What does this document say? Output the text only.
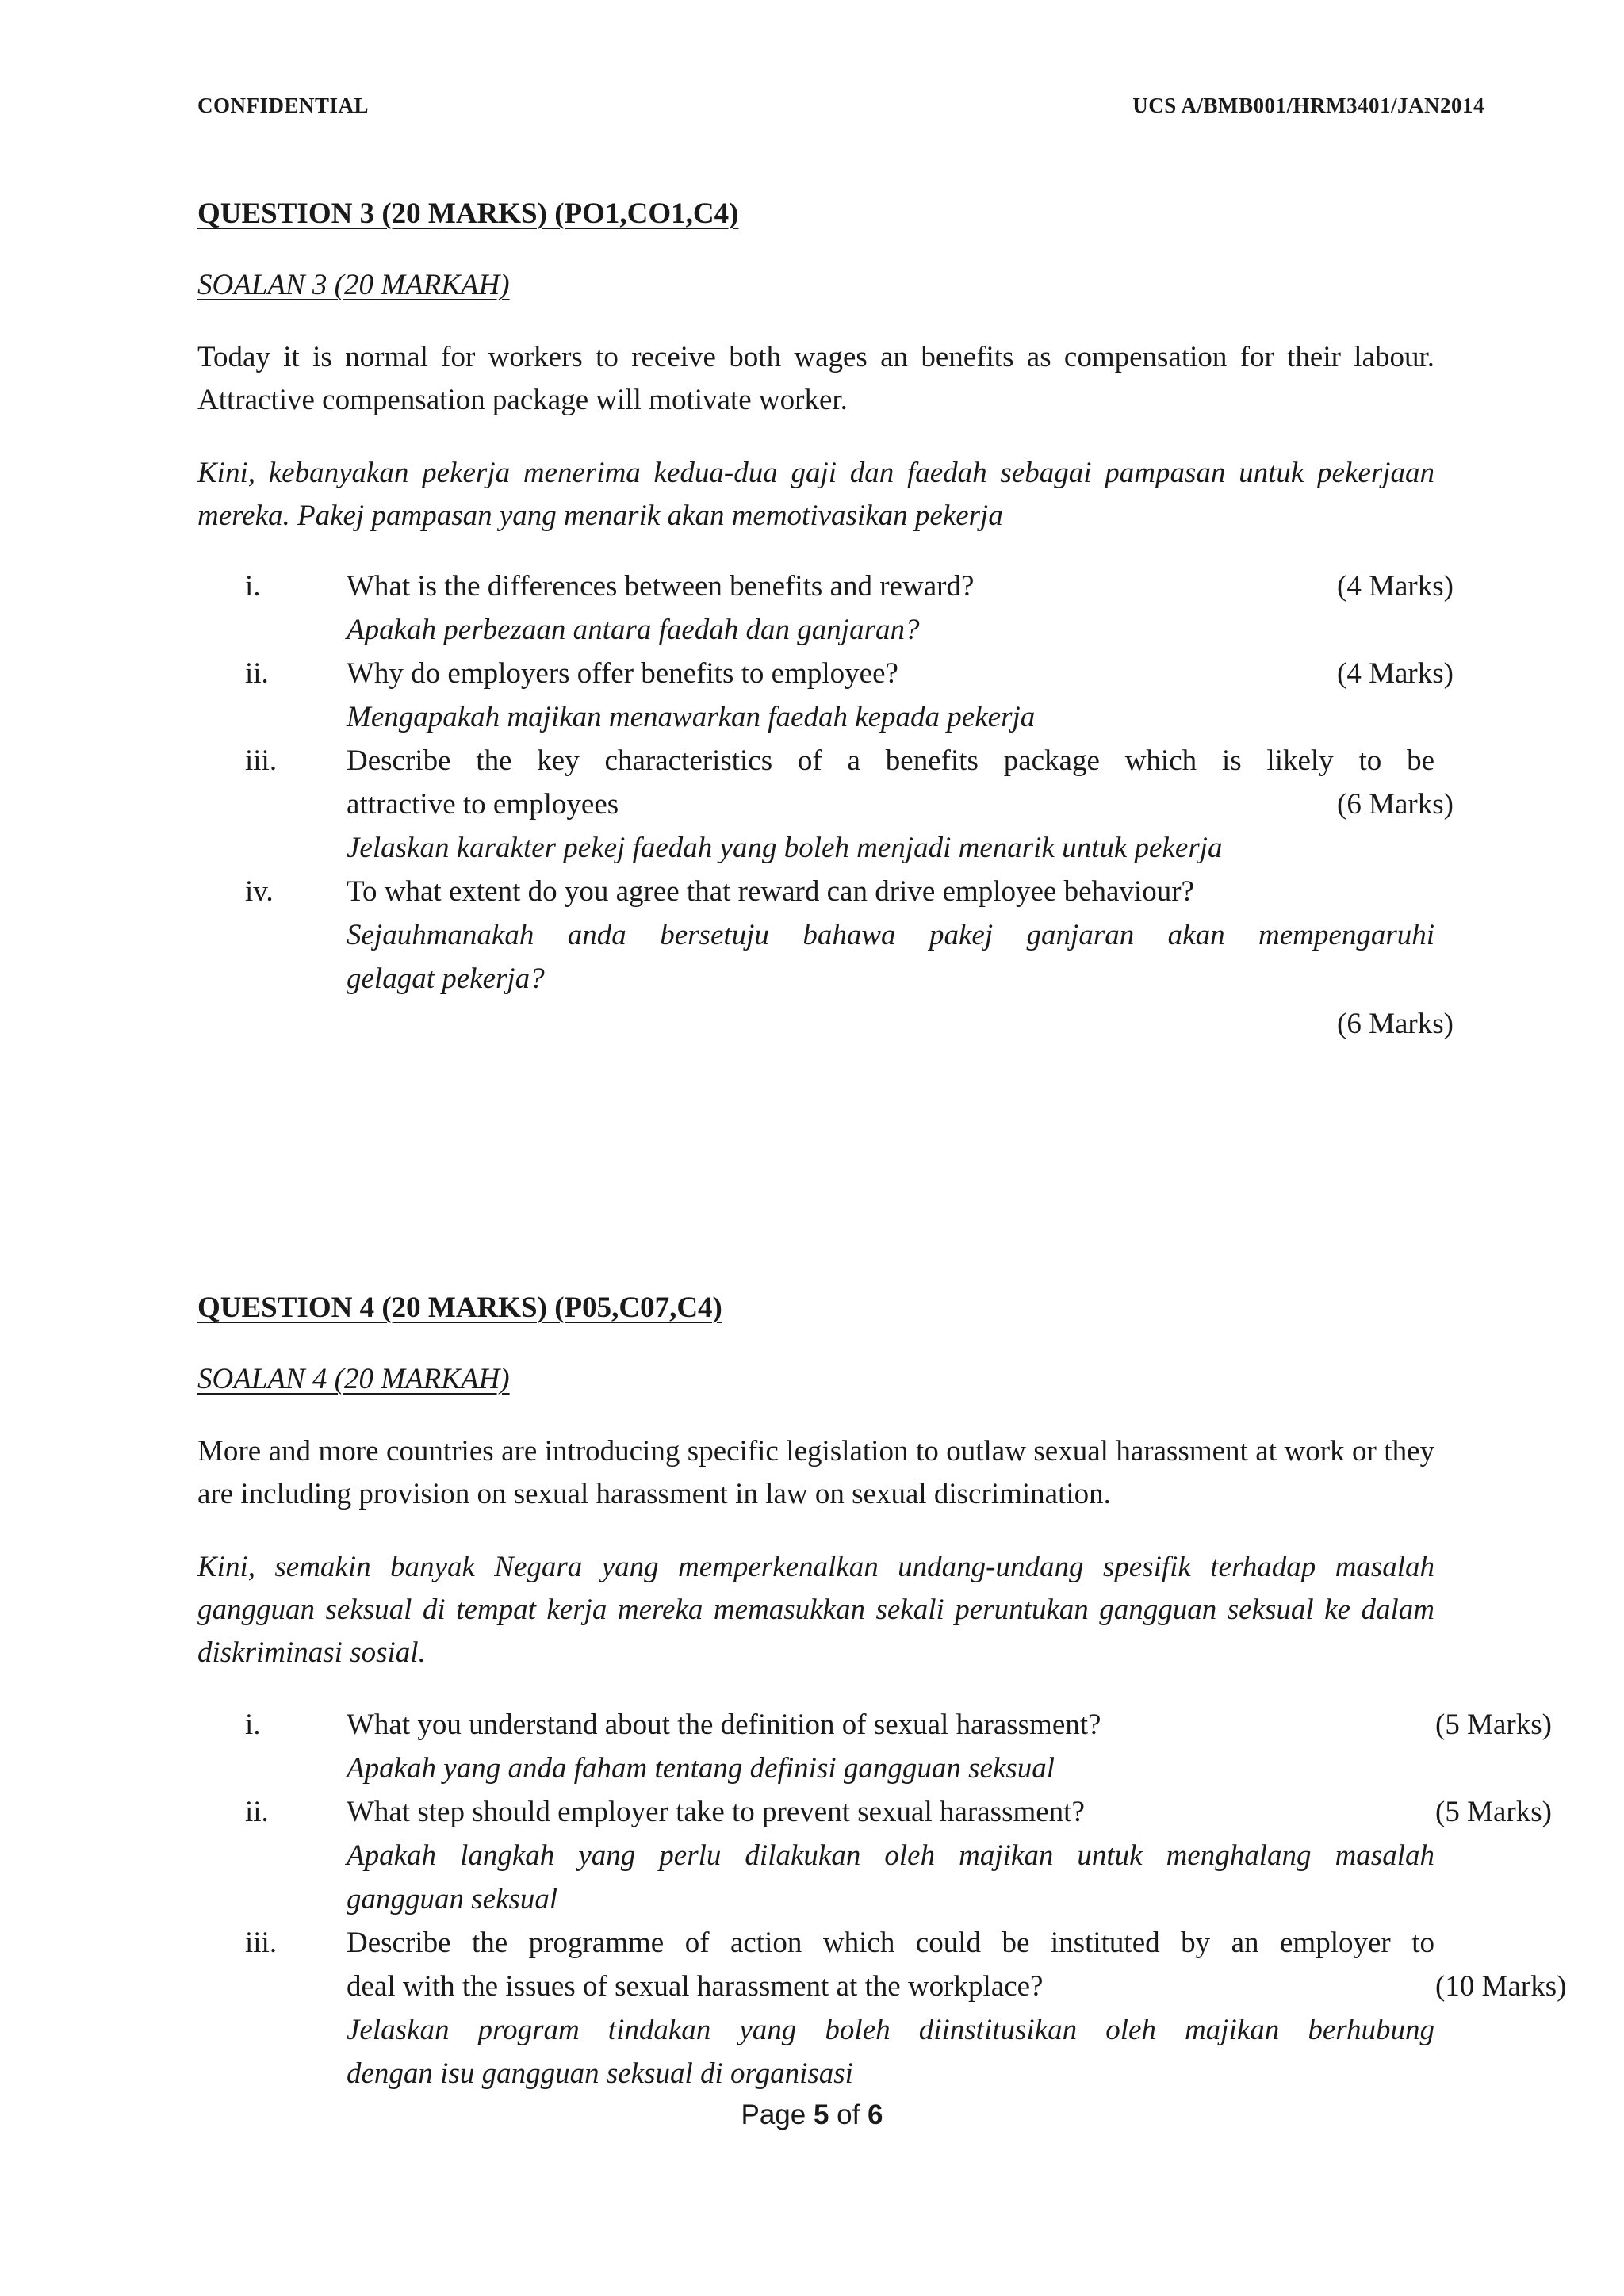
CONFIDENTIAL	UCS A/BMB001/HRM3401/JAN2014
QUESTION 3 (20 MARKS) (PO1,CO1,C4)
SOALAN 3 (20 MARKAH)
Today it is normal for workers to receive both wages an benefits as compensation for their labour. Attractive compensation package will motivate worker.
Kini, kebanyakan pekerja menerima kedua-dua gaji dan faedah sebagai pampasan untuk pekerjaan mereka. Pakej pampasan yang menarik akan memotivasikan pekerja
i.	What is the differences between benefits and reward?	(4 Marks)
Apakah perbezaan antara faedah dan ganjaran?
ii.	Why do employers offer benefits to employee?	(4 Marks)
Mengapakah majikan menawarkan faedah kepada pekerja
iii. Describe the key characteristics of a benefits package which is likely to be
attractive to employees	(6 Marks)
Jelaskan karakter pekej faedah yang boleh menjadi menarik untuk pekerja
iv. To what extent do you agree that reward can drive employee behaviour?
Sejauhmanakah anda bersetuju bahawa pakej ganjaran akan mempengaruhi
gelagat pekerja?
(6 Marks)
QUESTION 4 (20 MARKS) (P05,C07,C4)
SOALAN 4 (20 MARKAH)
More and more countries are introducing specific legislation to outlaw sexual harassment at work or they are including provision on sexual harassment in law on sexual discrimination.
Kini, semakin banyak Negara yang memperkenalkan undang-undang spesifik terhadap masalah gangguan seksual di tempat kerja mereka memasukkan sekali peruntukan gangguan seksual ke dalam diskriminasi sosial.
i.	What you understand about the definition of sexual harassment?	(5 Marks)
Apakah yang anda faham tentang definisi gangguan seksual
ii.	What step should employer take to prevent sexual harassment?	(5 Marks)
Apakah langkah yang perlu dilakukan oleh majikan untuk menghalang masalah
gangguan seksual
iii. Describe the programme of action which could be instituted by an employer to
deal with the issues of sexual harassment at the workplace?	(10 Marks)
Jelaskan program tindakan yang boleh diinstitusikan oleh majikan berhubung
dengan isu gangguan seksual di organisasi
Page 5 of 6
